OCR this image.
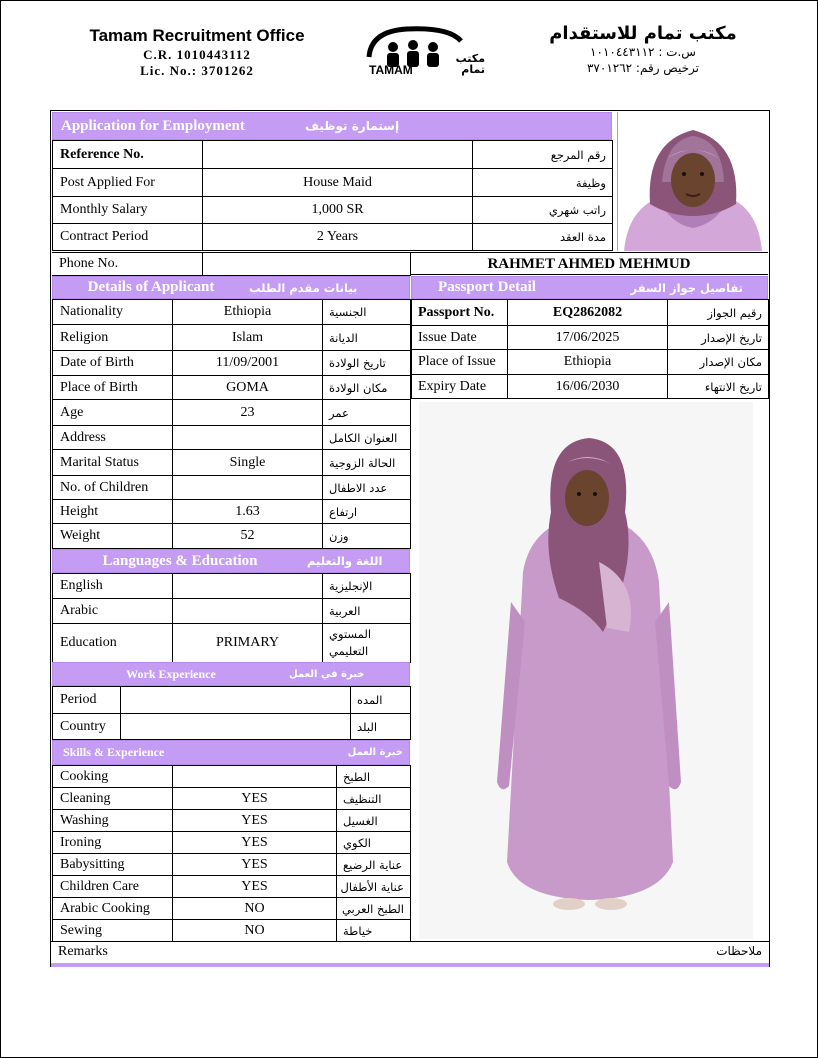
Tamam Recruitment Office
C.R. 1010443112
Lic. No.: 3701262	TAMAM
مكتب تمام
مكتب تمام للاستقدام
س.ت : ١٠١٠٤٤٣١١٢
ترخيص رقم: ٣٧٠١٢٦٢
Application for Employment	إستمارة توظيف
Reference No.		رقم المرجع
Post Applied For	House Maid	وظيفة
Monthly Salary	1,000 SR	راتب شهري
Contract Period	2 Years	مدة العقد
Phone No.		RAHMET AHMED MEHMUD
Details of Applicant	بيانات مقدم الطلب
Nationality	Ethiopia	الجنسية
Religion	Islam	الديانة
Date of Birth	11/09/2001	تاريخ الولادة
Place of Birth	GOMA	مكان الولادة
Age	23	عمر
Address		العنوان الكامل
Marital Status	Single	الحالة الزوجية
No. of Children		عدد الاطفال
Height	1.63	ارتفاع
Weight	52	وزن
Passport Detail	تفاصيل جواز السفر
Passport No.	EQ2862082	رقيم الجواز
Issue Date	17/06/2025	تاريخ الإصدار
Place of Issue	Ethiopia	مكان الإصدار
Expiry Date	16/06/2030	تاريخ الانتهاء
Languages & Education	اللغة والتعليم
English		الإنجليزية
Arabic		العربية
Education	PRIMARY	المستوي التعليمي
Work Experience	خبرة في العمل
Period		المده
Country		البلد
Skills & Experience	خبرة العمل
Cooking		الطبخ
Cleaning	YES	التنظيف
Washing	YES	الغسيل
Ironing	YES	الكوي
Babysitting	YES	عناية الرضيع
Children Care	YES	عناية الأطفال
Arabic Cooking	NO	الطبخ العربي
Sewing	NO	خياطة
Remarks	ملاحظات
